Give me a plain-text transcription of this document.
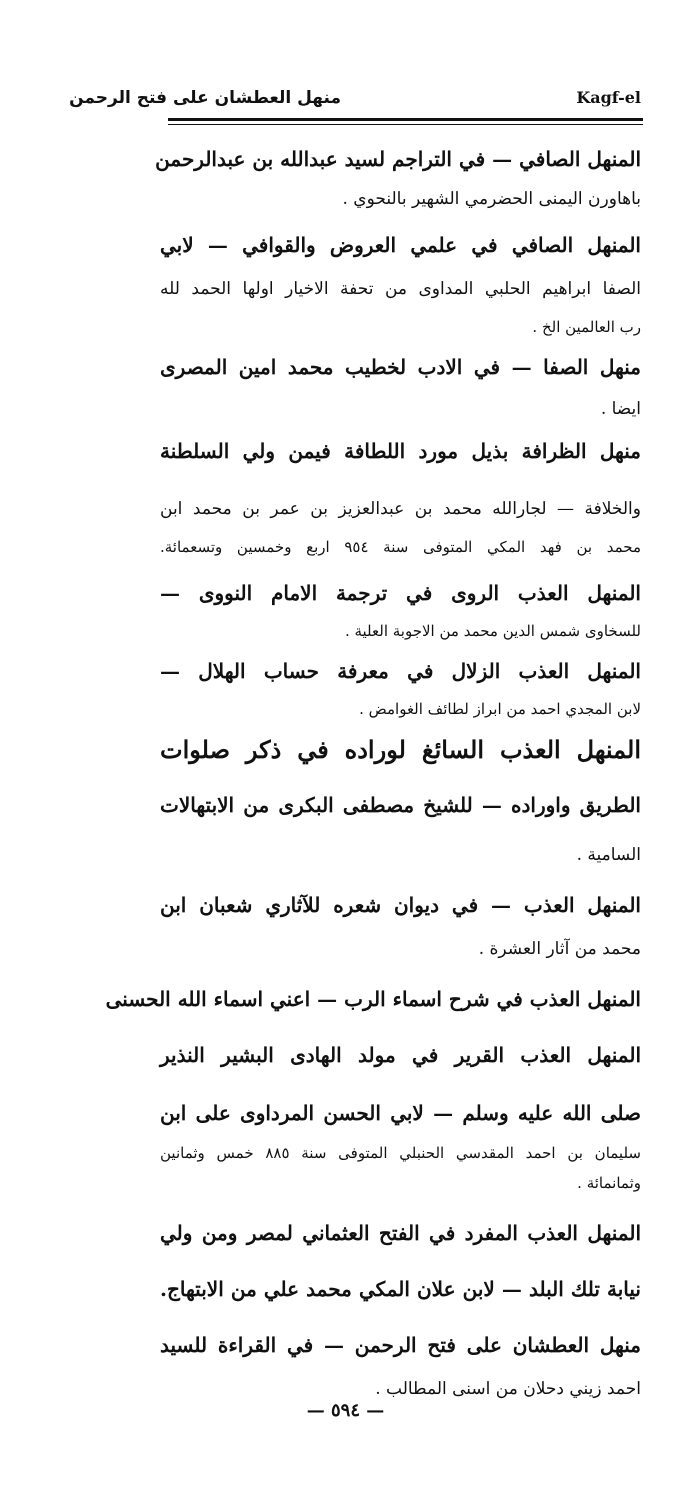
منهل العطشان على فتح الرحمن	Kagf-el
المنهل الصافي — في التراجم لسيد عبدالله بن عبدالرحمن
باهاورن اليمنى الحضرمي الشهير بالنحوي .
المنهل الصافي في علمي العروض والقوافي — لابي
الصفا ابراهيم الحلبي المداوى من تحفة الاخيار اولها الحمد لله
رب العالمين الخ .
منهل الصفا — في الادب لخطيب محمد امين المصرى
ايضا .
منهل الظرافة بذيل مورد اللطافة فيمن ولي السلطنة
والخلافة — لجارالله محمد بن عبدالعزيز بن عمر بن محمد ابن
محمد بن فهد المكي المتوفى سنة ٩٥٤ اربع وخمسين وتسعمائة.
المنهل العذب الروى في ترجمة الامام النووى —
للسخاوى شمس الدين محمد من الاجوبة العلية .
المنهل العذب الزلال في معرفة حساب الهلال —
لابن المجدي احمد من ابراز لطائف الغوامض .
المنهل العذب السائغ لوراده في ذكر صلوات
الطريق واوراده — للشيخ مصطفى البكرى من الابتهالات
السامية .
المنهل العذب — في ديوان شعره للآثاري شعبان ابن
محمد من آثار العشرة .
المنهل العذب في شرح اسماء الرب — اعني اسماء الله الحسنى
المنهل العذب القرير في مولد الهادى البشير النذير
صلى الله عليه وسلم — لابي الحسن المرداوى على ابن
سليمان بن احمد المقدسي الحنبلي المتوفى سنة ٨٨٥ خمس وثمانين
وثمانمائة .
المنهل العذب المفرد في الفتح العثماني لمصر ومن ولي
نيابة تلك البلد — لابن علان المكي محمد علي من الابتهاج.
منهل العطشان على فتح الرحمن — في القراءة للسيد
احمد زيني دحلان من اسنى المطالب .
— ٥٩٤ —
